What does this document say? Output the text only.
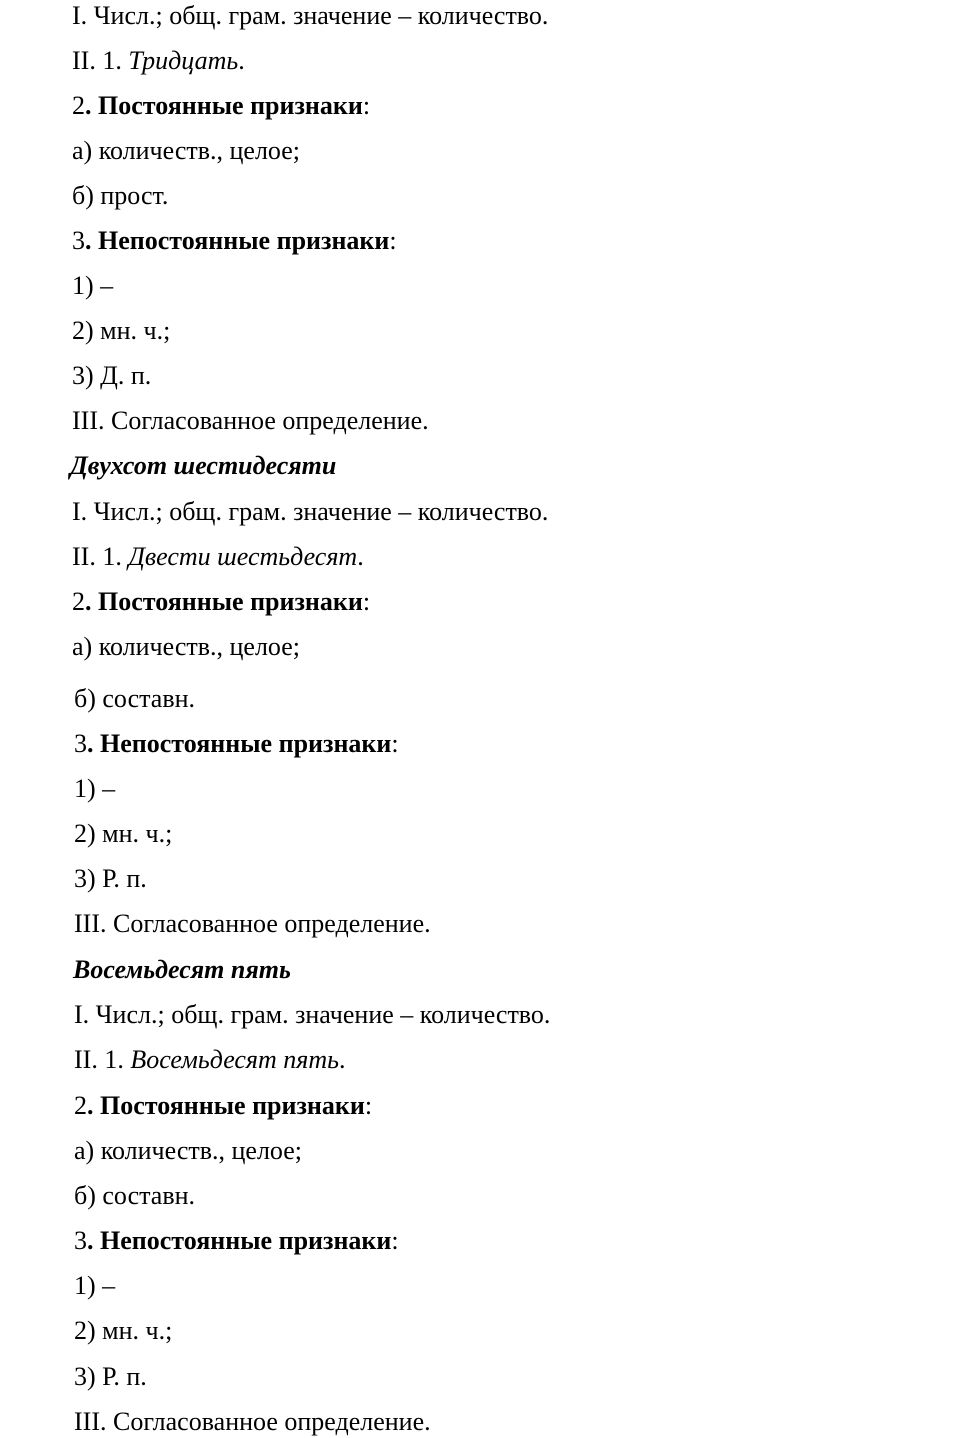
I. Числ.; общ. грам. значение – количество.
II. 1. Тридцать.
2. Постоянные признаки:
а) количеств., целое;
б) прост.
3. Непостоянные признаки:
1) –
2) мн. ч.;
3) Д. п.
III. Согласованное определение.
Двухсот шестидесяти
I. Числ.; общ. грам. значение – количество.
II. 1. Двести шестьдесят.
2. Постоянные признаки:
а) количеств., целое;
б) составн.
3. Непостоянные признаки:
1) –
2) мн. ч.;
3) Р. п.
III. Согласованное определение.
Восемьдесят пять
I. Числ.; общ. грам. значение – количество.
II. 1. Восемьдесят пять.
2. Постоянные признаки:
а) количеств., целое;
б) составн.
3. Непостоянные признаки:
1) –
2) мн. ч.;
3) Р. п.
III. Согласованное определение.
